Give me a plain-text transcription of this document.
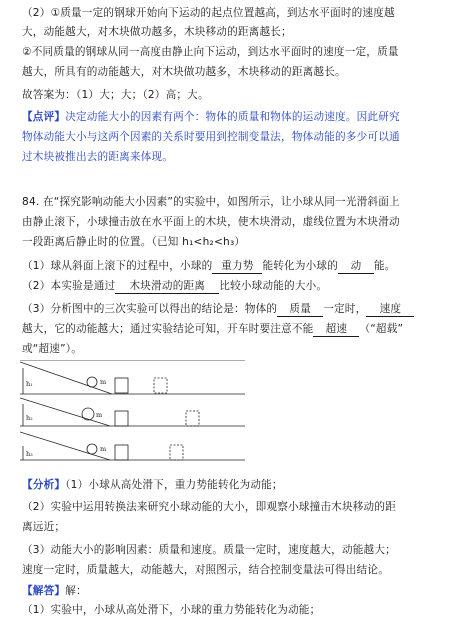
（2）①质量一定的钢球开始向下运动的起点位置越高，到达水平面时的速度越
大，动能越大，对木块做功越多，木块移动的距离越长；
②不同质量的钢球从同一高度由静止向下运动，到达水平面时的速度一定，质量
越大，所具有的动能越大，对木块做功越多，木块移动的距离越长。
故答案为：（1）大；大；（2）高；大。
【点评】决定动能大小的因素有两个：物体的质量和物体的运动速度。因此研究
物体动能大小与这两个因素的关系时要用到控制变量法，物体动能的多少可以通
过木块被推出去的距离来体现。
84. 在“探究影响动能大小因素”的实验中，如图所示，让小球从同一光滑斜面上
由静止滚下，小球撞击放在水平面上的木块，使木块滑动，虚线位置为木块滑动
一段距离后静止时的位置。（已知 h₁<h₂<h₃）
（1）球从斜面上滚下的过程中，小球的 重力势 能转化为小球的 动 能。
（2）本实验是通过 木块滑动的距离 比较小球动能的大小。
（3）分析图中的三次实验可以得出的结论是：物体的 质量 一定时， 速度
越大，它的动能越大；通过实验结论可知，开车时要注意不能 超速 （“超载”
或“超速”）。
m
h₁
m
h₂
m
h₃
【分析】（1）小球从高处滑下，重力势能转化为动能；
（2）实验中运用转换法来研究小球动能的大小，即观察小球撞击木块移动的距
离远近；
（3）动能大小的影响因素：质量和速度。质量一定时，速度越大，动能越大；
速度一定时，质量越大，动能越大，对照图示，结合控制变量法可得出结论。
【解答】解：
（1）实验中，小球从高处滑下，小球的重力势能转化为动能；
